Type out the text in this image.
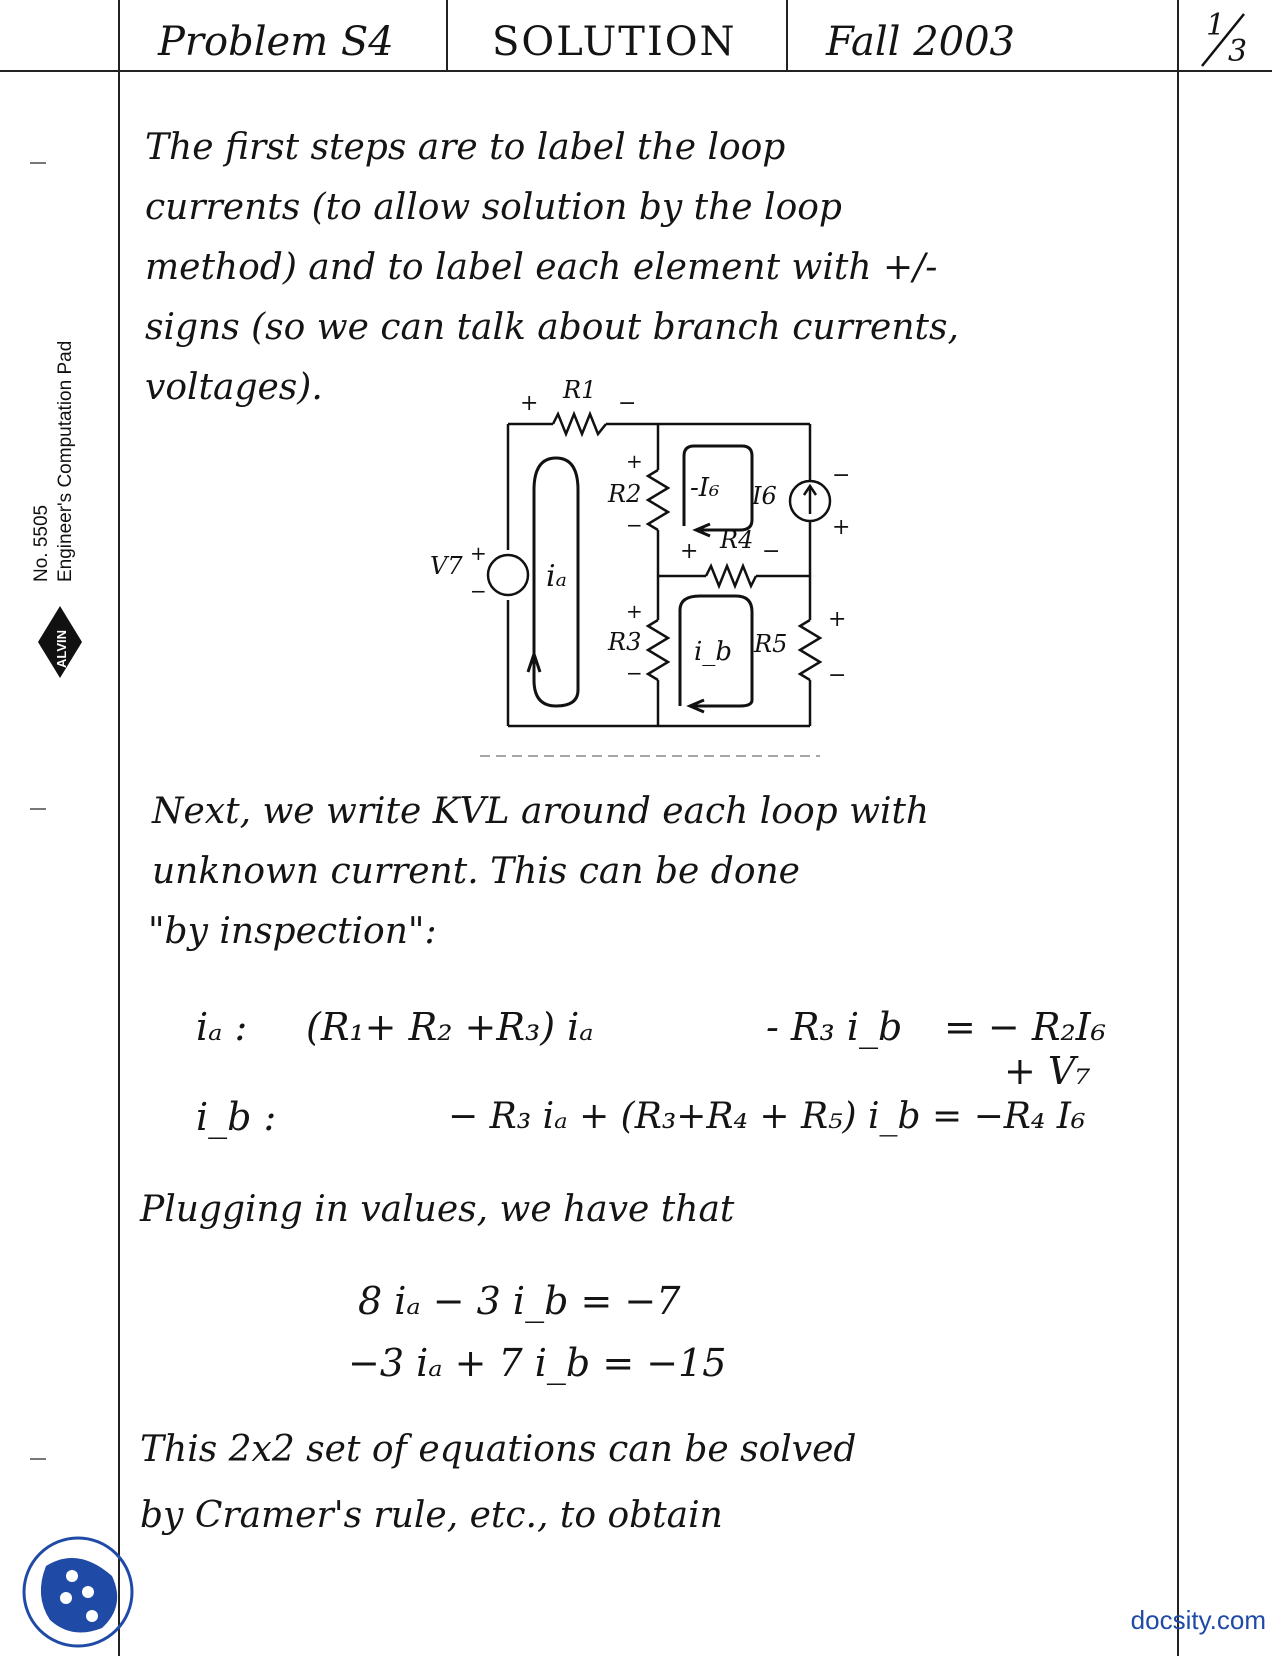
Problem S4 SOLUTION Fall 2003	1
3
No. 5505 Engineer's Computation Pad
ALVIN
The first steps are to label the loop
currents (to allow solution by the loop
method) and to label each element with +/-
signs (so we can talk about branch currents,
voltages).	R1
+	−
R2
+
−
R3
+
−
R4
+	−
R5
+
−
I6
−
+
V7 +
− iₐ
i_b
-I₆
Next, we write KVL around each loop with
unknown current. This can be done
"by inspection":
iₐ : (R₁+ R₂ +R₃) iₐ	- R₃ i_b = − R₂I₆
+ V₇
i_b :	− R₃ iₐ + (R₃+R₄ + R₅) i_b = −R₄ I₆
Plugging in values, we have that
8 iₐ − 3 i_b = −7
−3 iₐ + 7 i_b = −15
This 2x2 set of equations can be solved
by Cramer's rule, etc., to obtain
docsity.com
